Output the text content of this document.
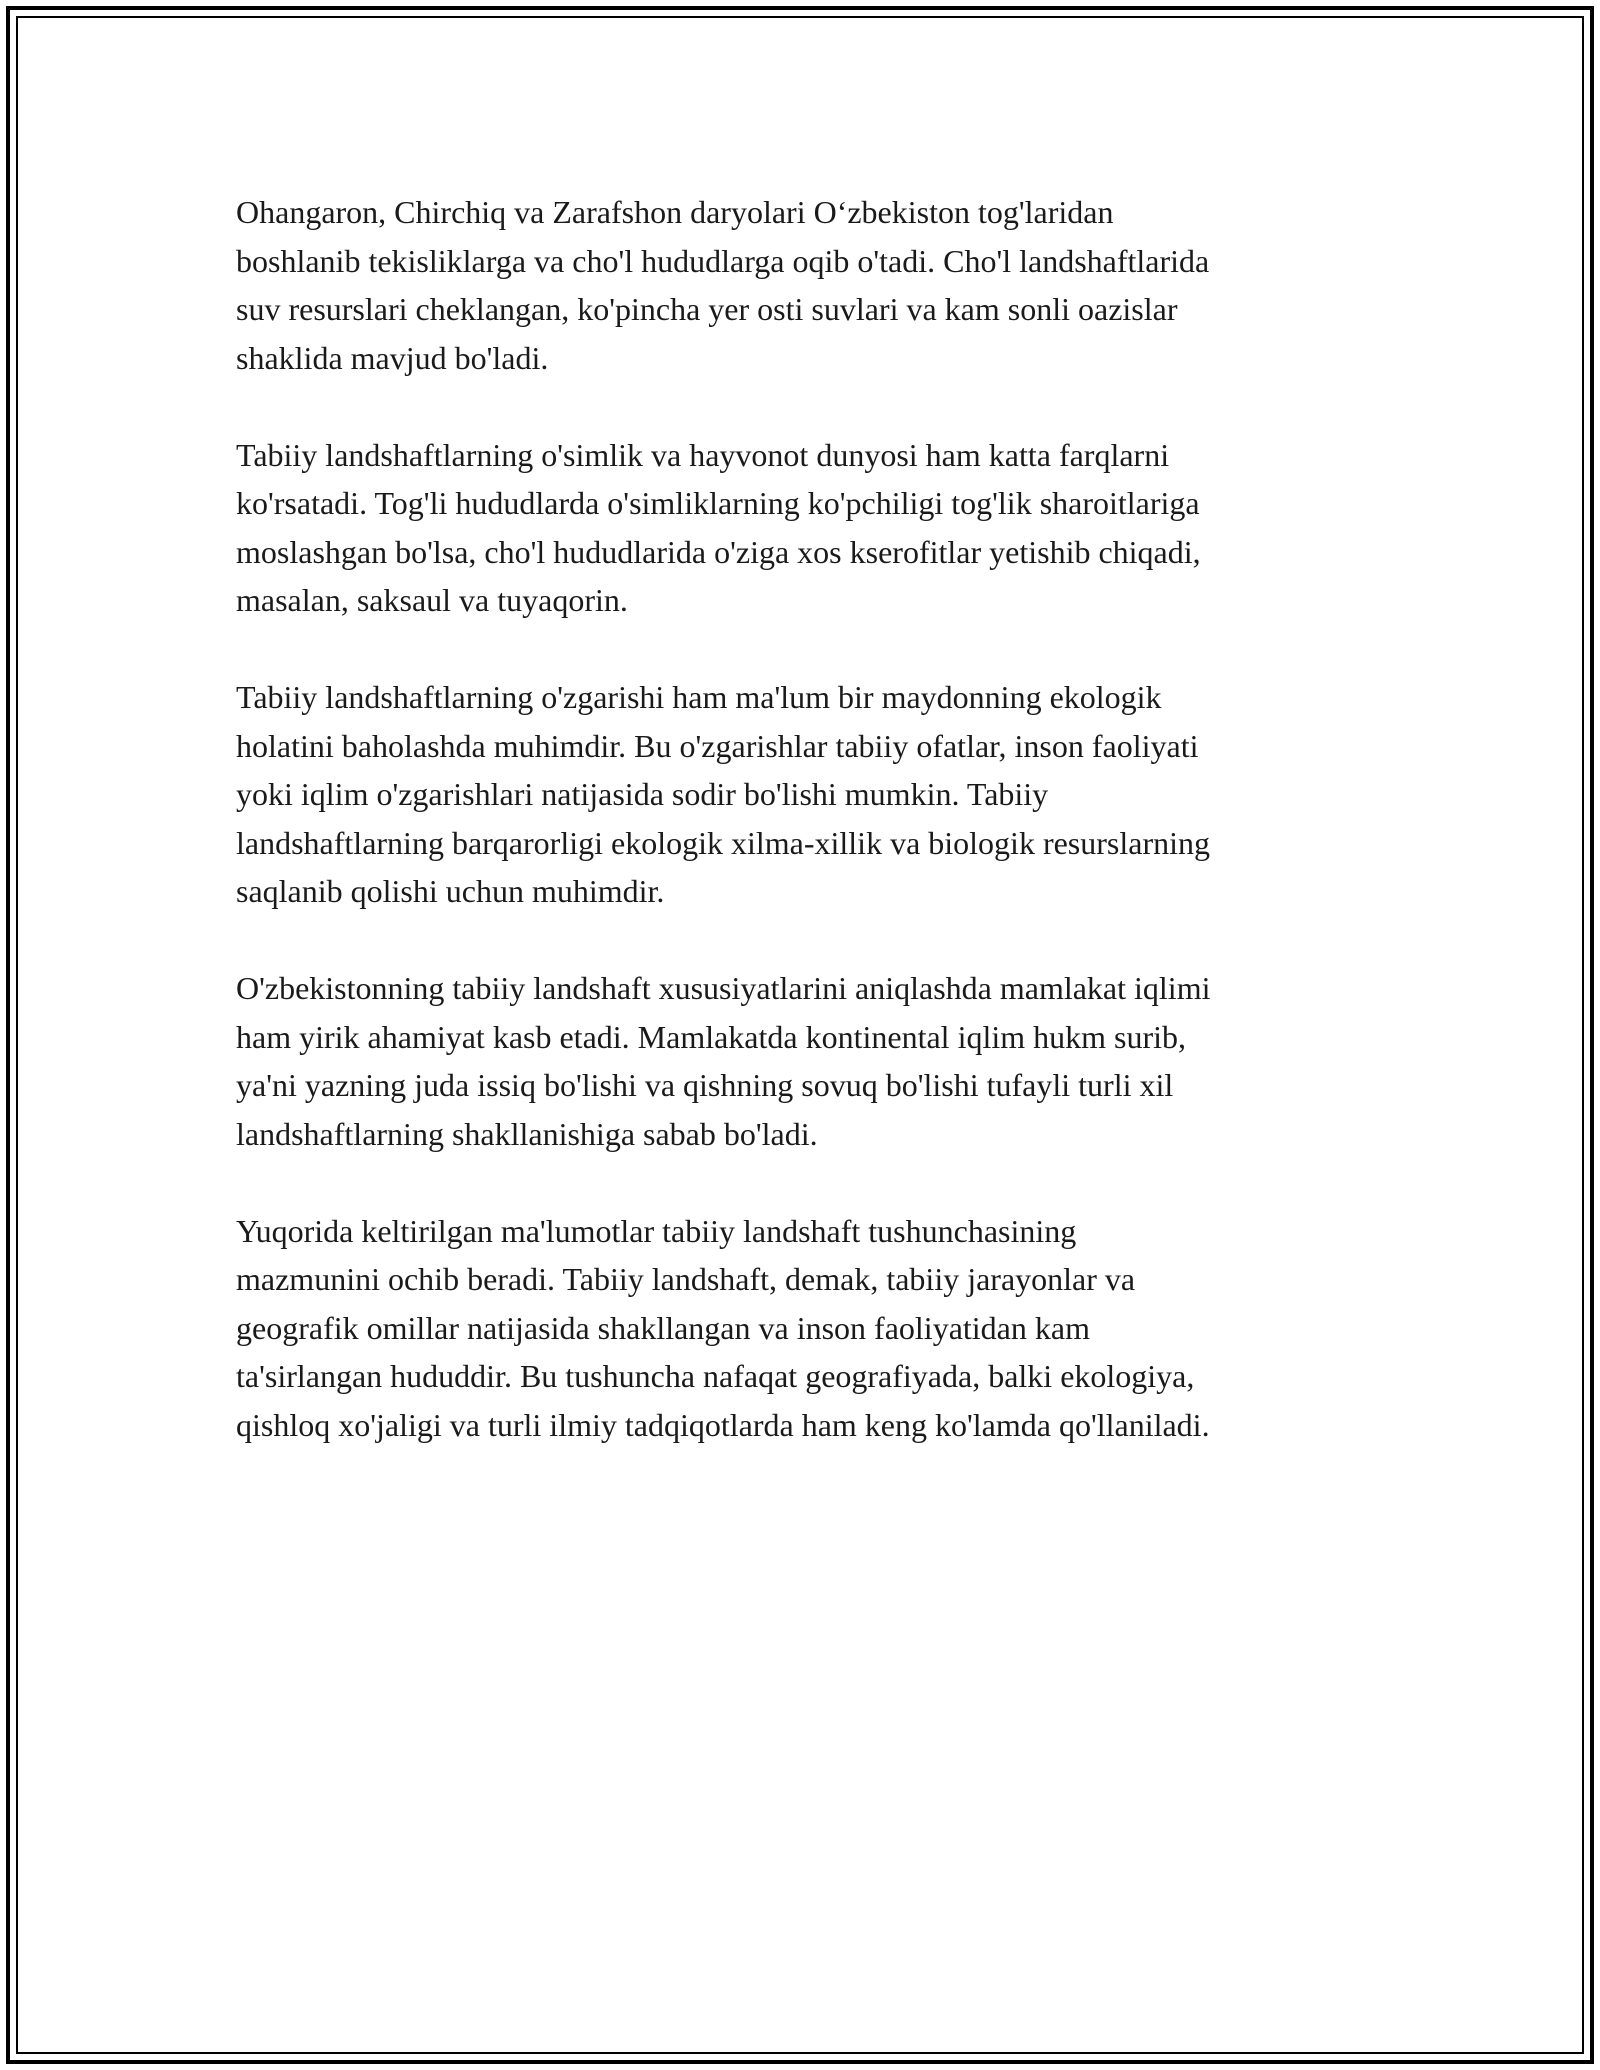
Ohangaron, Chirchiq va Zarafshon daryolari O‘zbekiston tog'laridan
boshlanib tekisliklarga va cho'l hududlarga oqib o'tadi. Cho'l landshaftlarida
suv resurslari cheklangan, ko'pincha yer osti suvlari va kam sonli oazislar
shaklida mavjud bo'ladi.

Tabiiy landshaftlarning o'simlik va hayvonot dunyosi ham katta farqlarni
ko'rsatadi. Tog'li hududlarda o'simliklarning ko'pchiligi tog'lik sharoitlariga
moslashgan bo'lsa, cho'l hududlarida o'ziga xos kserofitlar yetishib chiqadi,
masalan, saksaul va tuyaqorin.

Tabiiy landshaftlarning o'zgarishi ham ma'lum bir maydonning ekologik
holatini baholashda muhimdir. Bu o'zgarishlar tabiiy ofatlar, inson faoliyati
yoki iqlim o'zgarishlari natijasida sodir bo'lishi mumkin. Tabiiy
landshaftlarning barqarorligi ekologik xilma-xillik va biologik resurslarning
saqlanib qolishi uchun muhimdir.

O'zbekistonning tabiiy landshaft xususiyatlarini aniqlashda mamlakat iqlimi
ham yirik ahamiyat kasb etadi. Mamlakatda kontinental iqlim hukm surib,
ya'ni yazning juda issiq bo'lishi va qishning sovuq bo'lishi tufayli turli xil
landshaftlarning shakllanishiga sabab bo'ladi.

Yuqorida keltirilgan ma'lumotlar tabiiy landshaft tushunchasining
mazmunini ochib beradi. Tabiiy landshaft, demak, tabiiy jarayonlar va
geografik omillar natijasida shakllangan va inson faoliyatidan kam
ta'sirlangan hududdir. Bu tushuncha nafaqat geografiyada, balki ekologiya,
qishloq xo'jaligi va turli ilmiy tadqiqotlarda ham keng ko'lamda qo'llaniladi.
